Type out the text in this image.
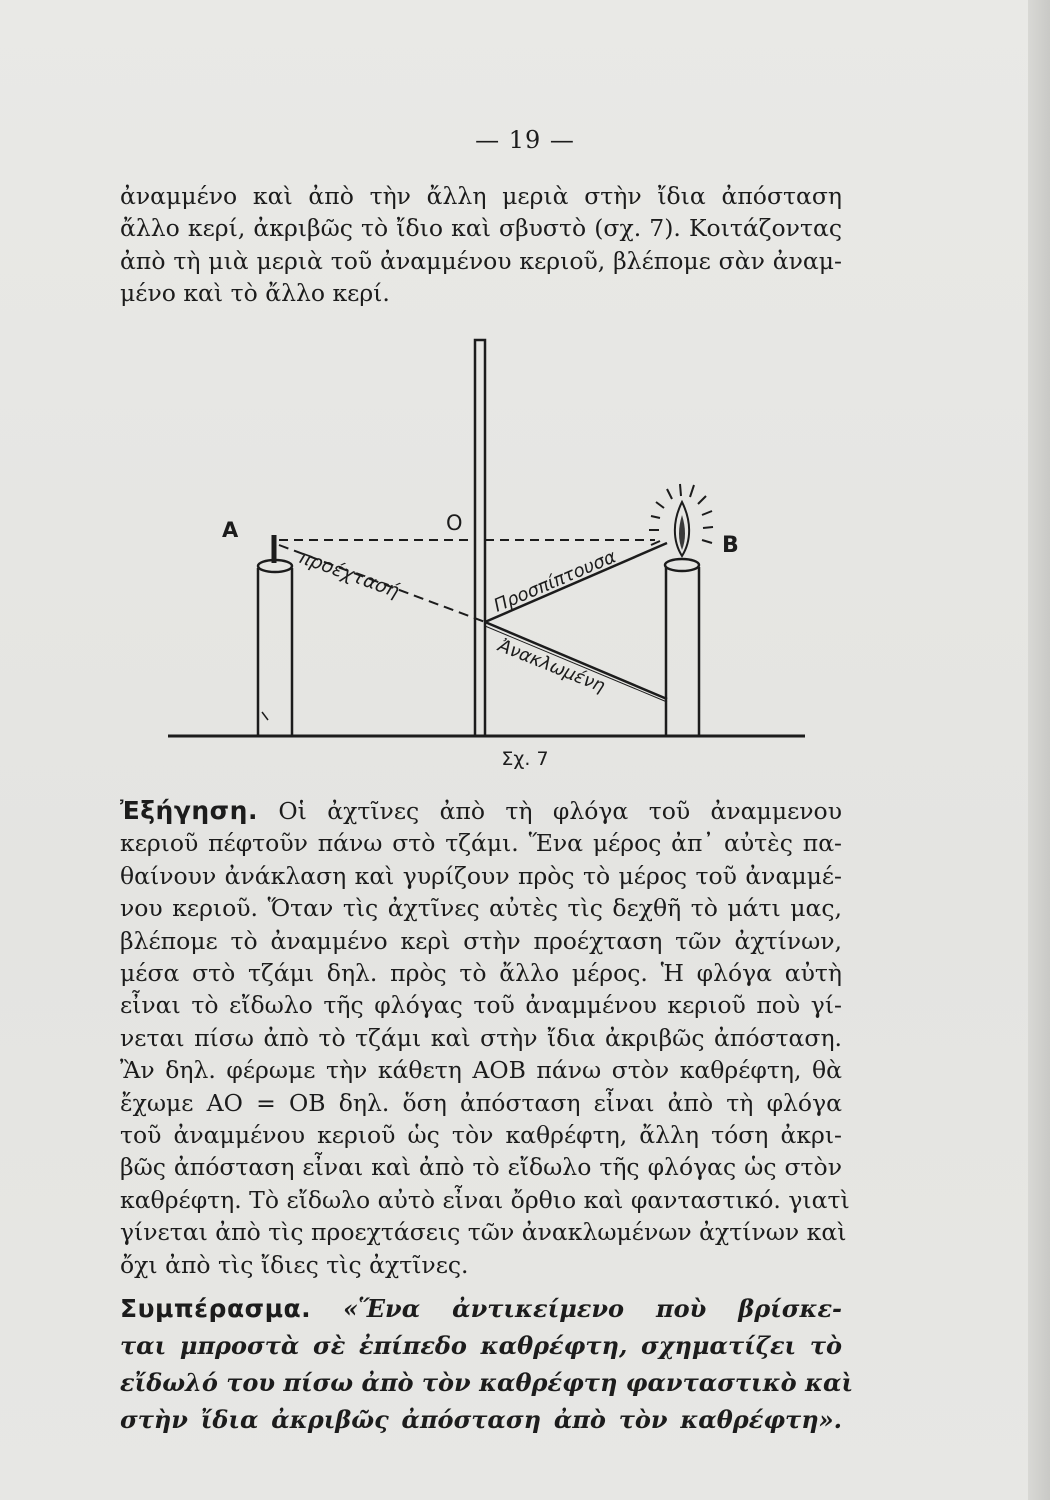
— 19 —
ἀναμμένο καὶ ἀπὸ τὴν ἄλλη μεριὰ στὴν ἴδια ἀπόσταση
ἄλλο κερί, ἀκριβῶς τὸ ἴδιο καὶ σβυστὸ (σχ. 7). Κοιτάζοντας
ἀπὸ τὴ μιὰ μεριὰ τοῦ ἀναμμένου κεριοῦ, βλέπομε σὰν ἀναμ-
μένο καὶ τὸ ἄλλο κερί.
A	O
B
προέχτασή	Προσπίπτουσα
Ἀνακλωμένη
Σχ. 7
Ἐξήγηση. Οἱ ἀχτῖνες ἀπὸ τὴ φλόγα τοῦ ἀναμμενου
κεριοῦ πέφτοῦν πάνω στὸ τζάμι. Ἕνα μέρος ἀπ᾽ αὐτὲς πα-
θαίνουν ἀνάκλαση καὶ γυρίζουν πρὸς τὸ μέρος τοῦ ἀναμμέ-
νου κεριοῦ. Ὅταν τὶς ἀχτῖνες αὐτὲς τὶς δεχθῆ τὸ μάτι μας,
βλέπομε τὸ ἀναμμένο κερὶ στὴν προέχταση τῶν ἀχτίνων,
μέσα στὸ τζάμι δηλ. πρὸς τὸ ἄλλο μέρος. Ἡ φλόγα αὐτὴ
εἶναι τὸ εἴδωλο τῆς φλόγας τοῦ ἀναμμένου κεριοῦ ποὺ γί-
νεται πίσω ἀπὸ τὸ τζάμι καὶ στὴν ἴδια ἀκριβῶς ἀπόσταση.
Ἂν δηλ. φέρωμε τὴν κάθετη ΑΟΒ πάνω στὸν καθρέφτη, θὰ
ἔχωμε ΑΟ = ΟΒ δηλ. ὅση ἀπόσταση εἶναι ἀπὸ τὴ φλόγα
τοῦ ἀναμμένου κεριοῦ ὡς τὸν καθρέφτη, ἄλλη τόση ἀκρι-
βῶς ἀπόσταση εἶναι καὶ ἀπὸ τὸ εἴδωλο τῆς φλόγας ὡς στὸν
καθρέφτη. Τὸ εἴδωλο αὐτὸ εἶναι ὄρθιο καὶ φανταστικό. γιατὶ
γίνεται ἀπὸ τὶς προεχτάσεις τῶν ἀνακλωμένων ἀχτίνων καὶ
ὄχι ἀπὸ τὶς ἴδιες τὶς ἀχτῖνες.
Συμπέρασμα. «Ἕνα ἀντικείμενο ποὺ βρίσκε-
ται μπροστὰ σὲ ἐπίπεδο καθρέφτη, σχηματίζει τὸ
εἴδωλό του πίσω ἀπὸ τὸν καθρέφτη φανταστικὸ καὶ
στὴν ἴδια ἀκριβῶς ἀπόσταση ἀπὸ τὸν καθρέφτη».
